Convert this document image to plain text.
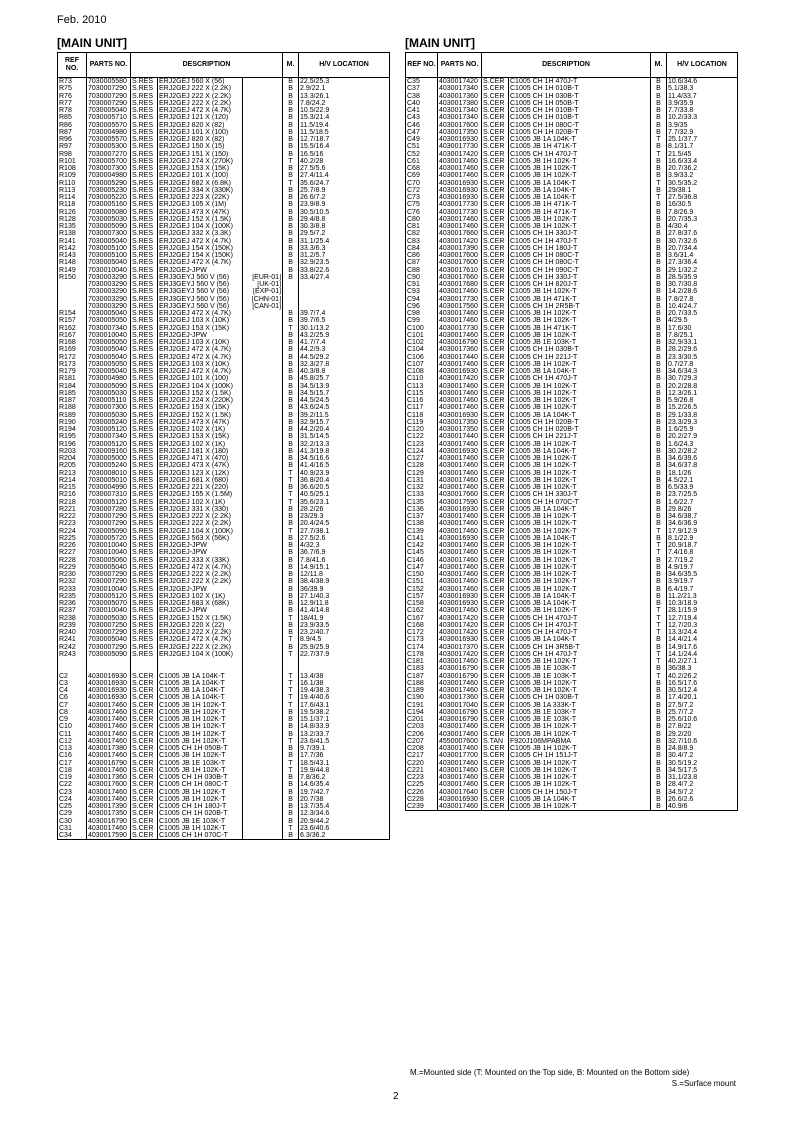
Feb. 2010
[MAIN UNIT]	[MAIN UNIT]
REF NO.	PARTS NO.	DESCRIPTION			M.	H/V LOCATION
R73	7030005580	S.RES	ERJ2GEJ 560 X (56)		B	22.5/25.3
R75	7030007290	S.RES	ERJ2GEJ 222 X (2.2K)		B	2.9/22.1
R76	7030007290	S.RES	ERJ2GEJ 222 X (2.2K)		B	13.3/26.1
R77	7030007290	S.RES	ERJ2GEJ 222 X (2.2K)		B	7.8/24.2
R78	7030005040	S.RES	ERJ2GEJ 472 X (4.7K)		B	10.5/22.9
R85	7030005710	S.RES	ERJ2GEJ 121 X (120)		B	15.3/21.4
R86	7030005570	S.RES	ERJ2GEJ 820 X (82)		B	11.5/19.4
R87	7030004980	S.RES	ERJ2GEJ 101 X (100)		B	11.5/18.5
R96	7030005570	S.RES	ERJ2GEJ 820 X (82)		B	12.7/18.7
R97	7030005300	S.RES	ERJ2GEJ 150 X (15)		B	15.5/16.4
R98	7030007270	S.RES	ERJ2GEJ 151 X (150)		B	16.5/16
R101	7030005700	S.RES	ERJ2GEJ 274 X (270K)		T	40.2/28
R108	7030007300	S.RES	ERJ2GEJ 153 X (15K)		B	27.5/5.6
R109	7030004980	S.RES	ERJ2GEJ 101 X (100)		B	27.4/11.4
R110	7030005290	S.RES	ERJ2GEJ 682 X (6.8K)		T	35.6/24.7
R113	7030005230	S.RES	ERJ2GEJ 334 X (330K)		B	25.7/8.9
R114	7030005220	S.RES	ERJ2GEJ 223 X (22K)		B	26.6/7.2
R118	7030005160	S.RES	ERJ2GEJ 105 X (1M)		B	23.9/8.9
R126	7030005080	S.RES	ERJ2GEJ 473 X (47K)		B	30.5/10.5
R128	7030005030	S.RES	ERJ2GEJ 152 X (1.5K)		B	29.4/8.8
R135	7030005090	S.RES	ERJ2GEJ 104 X (100K)		B	30.3/8.8
R138	7030007300	S.RES	ERJ2GEJ 332 X (3.3K)		B	29.5/7.2
R141	7030005040	S.RES	ERJ2GEJ 472 X (4.7K)		B	31.1/25.4
R142	7030005100	S.RES	ERJ2GEJ 154 X (150K)		B	33.3/6.3
R143	7030005100	S.RES	ERJ2GEJ 154 X (150K)		B	31.2/5.7
R148	7030005040	S.RES	ERJ2GEJ 472 X (4.7K)		B	32.9/23.5
R149	7030010040	S.RES	ERJ2GEJ-JPW		B	33.8/22.6
R150	7030003290	S.RES	ERJ3GEYJ 560 V (56)	[EUR-01]	B	33.4/27.4
	7030003290	S.RES	ERJ3GEYJ 560 V (56)	[UK-01]		
	7030003290	S.RES	ERJ3GEYJ 560 V (56)	[EXP-01]		
	7030003290	S.RES	ERJ3GEYJ 560 V (56)	[CHN-01]		
	7030003290	S.RES	ERJ3GEYJ 560 V (56)	[CAN-01]		
R154	7030005040	S.RES	ERJ2GEJ 472 X (4.7K)		B	39.7/7.4
R157	7030005050	S.RES	ERJ2GEJ 103 X (10K)		B	39.7/6.5
R162	7030007340	S.RES	ERJ2GEJ 153 X (15K)		T	30.1/13.2
R167	7030010040	S.RES	ERJ2GEJ-JPW		B	43.2/25.9
R168	7030005050	S.RES	ERJ2GEJ 103 X (10K)		B	41.7/7.4
R169	7030005040	S.RES	ERJ2GEJ 472 X (4.7K)		B	44.2/9.3
R172	7030005040	S.RES	ERJ2GEJ 472 X (4.7K)		B	44.5/29.2
R173	7030005050	S.RES	ERJ2GEJ 103 X (10K)		B	32.3/27.8
R179	7030005040	S.RES	ERJ2GEJ 472 X (4.7K)		B	40.3/8.8
R181	7030004980	S.RES	ERJ2GEJ 101 X (100)		B	45.8/25.7
R184	7030005090	S.RES	ERJ2GEJ 104 X (100K)		B	34.5/13.9
R185	7030005030	S.RES	ERJ2GEJ 152 X (1.5K)		B	34.5/15.7
R187	7030005110	S.RES	ERJ2GEJ 224 X (220K)		B	44.5/24.5
R188	7030007300	S.RES	ERJ2GEJ 153 X (15K)		B	43.6/24.5
R189	7030005030	S.RES	ERJ2GEJ 152 X (1.5K)		B	39.2/11.5
R190	7030005240	S.RES	ERJ2GEJ 473 X (47K)		B	32.9/15.7
R194	7030005120	S.RES	ERJ2GEJ 102 X (1K)		B	44.2/20.4
R195	7030007340	S.RES	ERJ2GEJ 153 X (15K)		B	31.5/14.5
R196	7030005120	S.RES	ERJ2GEJ 102 X (1K)		B	32.2/13.3
R203	7030009160	S.RES	ERJ2GEJ 181 X (180)		B	41.3/19.8
R204	7030005000	S.RES	ERJ2GEJ 471 X (470)		B	34.5/16.6
R205	7030005240	S.RES	ERJ2GEJ 473 X (47K)		B	41.4/16.5
R213	7030008010	S.RES	ERJ2GEJ 123 X (12K)		T	40.9/23.9
R214	7030005010	S.RES	ERJ2GEJ 681 X (680)		T	36.8/20.4
R215	7030004990	S.RES	ERJ2GEJ 221 X (220)		B	36.6/20.5
R216	7030007310	S.RES	ERJ2GEJ 155 X (1.5M)		T	40.5/25.1
R218	7030005120	S.RES	ERJ2GEJ 102 X (1K)		T	35.6/23.1
R221	7030007280	S.RES	ERJ2GEJ 331 X (330)		B	28.2/26
R222	7030007290	S.RES	ERJ2GEJ 222 X (2.2K)		B	23/29.3
R223	7030007290	S.RES	ERJ2GEJ 222 X (2.2K)		B	20.4/24.5
R224	7030005090	S.RES	ERJ2GEJ 104 X (100K)		T	27.7/38.1
R225	7030005720	S.RES	ERJ2GEJ 563 X (56K)		B	27.5/2.6
R226	7030010040	S.RES	ERJ2GEJ-JPW		B	4/32.3
R227	7030010040	S.RES	ERJ2GEJ-JPW		B	36.7/6.9
R228	7030005060	S.RES	ERJ2GEJ 333 X (33K)		B	7.8/41.6
R229	7030005040	S.RES	ERJ2GEJ 472 X (4.7K)		B	14.9/15.1
R230	7030007290	S.RES	ERJ2GEJ 222 X (2.2K)		B	12/11.8
R232	7030007290	S.RES	ERJ2GEJ 222 X (2.2K)		B	38.4/38.9
R233	7030010040	S.RES	ERJ2GEJ-JPW		B	36/39.9
R235	7030005120	S.RES	ERJ2GEJ 102 X (1K)		B	27.1/40.3
R236	7030005070	S.RES	ERJ2GEJ 683 X (68K)		B	12.9/11.8
R237	7030010040	S.RES	ERJ2GEJ-JPW		B	41.4/14.8
R238	7030005030	S.RES	ERJ2GEJ 152 X (1.5K)		T	18/41.9
R239	7030007250	S.RES	ERJ2GEJ 220 X (22)		B	23.9/33.5
R240	7030007290	S.RES	ERJ2GEJ 222 X (2.2K)		B	23.2/40.7
R241	7030005040	S.RES	ERJ2GEJ 472 X (4.7K)		T	8.9/4.5
R242	7030007290	S.RES	ERJ2GEJ 222 X (2.2K)		B	25.9/25.9
R243	7030005090	S.RES	ERJ2GEJ 104 X (100K)		T	22.7/37.9

C2	4030016930	S.CER	C1005 JB 1A 104K-T		T	13.4/38
C3	4030016930	S.CER	C1005 JB 1A 104K-T		T	16.1/38
C4	4030016930	S.CER	C1005 JB 1A 104K-T		T	19.4/38.3
C6	4030016930	S.CER	C1005 JB 1A 104K-T		T	19.4/40.6
C7	4030017460	S.CER	C1005 JB 1H 102K-T		T	17.6/43.1
C8	4030017460	S.CER	C1005 JB 1H 102K-T		B	19.5/38.2
C9	4030017460	S.CER	C1005 JB 1H 102K-T		B	15.1/37.1
C10	4030017460	S.CER	C1005 JB 1H 102K-T		B	14.8/33.9
C11	4030017460	S.CER	C1005 JB 1H 102K-T		B	13.2/33.7
C12	4030017460	S.CER	C1005 JB 1H 102K-T		T	23.6/41.5
C13	4030017380	S.CER	C1005 CH 1H 050B-T		B	9.7/39.1
C16	4030017460	S.CER	C1005 JB 1H 102K-T		B	17.7/36
C17	4030016790	S.CER	C1005 JB 1E 103K-T		T	18.5/43.1
C18	4030017460	S.CER	C1005 JB 1H 102K-T		T	19.9/44.8
C19	4030017360	S.CER	C1005 CH 1H 030B-T		B	7.8/36.2
C22	4030017600	S.CER	C1005 CH 1H 080C-T		B	14.6/35.4
C23	4030017460	S.CER	C1005 JB 1H 102K-T		B	19.7/42.7
C24	4030017460	S.CER	C1005 JB 1H 102K-T		B	20.7/38
C25	4030017390	S.CER	C1005 CH 1H 180J-T		B	13.7/35.4
C29	4030017350	S.CER	C1005 CH 1H 020B-T		B	12.3/34.6
C30	4030016790	S.CER	C1005 JB 1E 103K-T		B	20.9/44.2
C31	4030017460	S.CER	C1005 JB 1H 102K-T		T	23.6/40.6
C34	4030017590	S.CER	C1005 CH 1H 070C-T		B	6.3/36.2
REF NO.	PARTS NO.	DESCRIPTION		M.	H/V LOCATION
C35	4030017420	S.CER	C1005 CH 1H 470J-T	B	10.6/34.6
C37	4030017340	S.CER	C1005 CH 1H 010B-T	B	5.1/38.3
C38	4030017360	S.CER	C1005 CH 1H 030B-T	B	11.4/33.7
C40	4030017380	S.CER	C1005 CH 1H 050B-T	B	3.9/35.9
C41	4030017340	S.CER	C1005 CH 1H 010B-T	B	7.7/33.8
C43	4030017340	S.CER	C1005 CH 1H 010B-T	B	10.2/33.3
C46	4030017600	S.CER	C1005 CH 1H 080C-T	B	3.9/35
C47	4030017350	S.CER	C1005 CH 1H 020B-T	B	7.7/32.9
C49	4030016930	S.CER	C1005 JB 1A 104K-T	T	25.1/37.7
C51	4030017730	S.CER	C1005 JB 1H 471K-T	B	8.1/31.7
C52	4030017420	S.CER	C1005 CH 1H 470J-T	T	21.5/45
C61	4030017460	S.CER	C1005 JB 1H 102K-T	B	16.6/33.4
C68	4030017460	S.CER	C1005 JB 1H 102K-T	B	20.7/36.2
C69	4030017460	S.CER	C1005 JB 1H 102K-T	B	3.9/33.2
C70	4030016930	S.CER	C1005 JB 1A 104K-T	T	30.5/35.2
C72	4030016930	S.CER	C1005 JB 1A 104K-T	B	29/38.1
C73	4030016930	S.CER	C1005 JB 1A 104K-T	T	27.5/36.8
C75	4030017730	S.CER	C1005 JB 1H 471K-T	B	16/30.5
C76	4030017730	S.CER	C1005 JB 1H 471K-T	B	7.8/26.9
C80	4030017460	S.CER	C1005 JB 1H 102K-T	B	20.7/35.3
C81	4030017460	S.CER	C1005 JB 1H 102K-T	B	4/30.4
C82	4030017660	S.CER	C1005 CH 1H 330J-T	B	27.8/37.6
C83	4030017420	S.CER	C1005 CH 1H 470J-T	B	30.7/32.6
C84	4030017390	S.CER	C1005 CH 1H 180J-T	B	20.7/34.4
C86	4030017600	S.CER	C1005 CH 1H 080C-T	B	3.6/31.4
C87	4030017600	S.CER	C1005 CH 1H 080C-T	B	27.3/36.4
C88	4030017610	S.CER	C1005 CH 1H 090C-T	B	29.1/32.2
C90	4030017660	S.CER	C1005 CH 1H 330J-T	B	28.5/35.9
C91	4030017680	S.CER	C1005 CH 1H 820J-T	B	30.7/30.8
C93	4030017460	S.CER	C1005 JB 1H 102K-T	B	14.2/28.6
C94	4030017730	S.CER	C1005 JB 1H 471K-T	B	7.8/27.8
C96	4030017560	S.CER	C1005 CH 1H 2R5B-T	B	10.4/24.7
C98	4030017460	S.CER	C1005 JB 1H 102K-T	B	20.7/33.5
C99	4030017460	S.CER	C1005 JB 1H 102K-T	B	4/29.5
C100	4030017730	S.CER	C1005 JB 1H 471K-T	B	17.6/30
C101	4030017460	S.CER	C1005 JB 1H 102K-T	B	7.8/25.1
C102	4030016790	S.CER	C1005 JB 1E 103K-T	B	32.9/33.1
C104	4030017360	S.CER	C1005 CH 1H 030B-T	B	28.2/29.6
C106	4030017440	S.CER	C1005 CH 1H 221J-T	B	23.3/30.5
C107	4030017460	S.CER	C1005 JB 1H 102K-T	B	0.7/27.8
C108	4030016930	S.CER	C1005 JB 1A 104K-T	B	34.6/34.3
C110	4030017420	S.CER	C1005 CH 1H 470J-T	B	30.7/29.3
C113	4030017460	S.CER	C1005 JB 1H 102K-T	B	20.2/28.8
C115	4030017460	S.CER	C1005 JB 1H 102K-T	B	12.3/26.1
C116	4030017460	S.CER	C1005 JB 1H 102K-T	B	5.9/26.8
C117	4030017460	S.CER	C1005 JB 1H 102K-T	B	15.2/26.5
C118	4030016930	S.CER	C1005 JB 1A 104K-T	B	29.1/33.8
C119	4030017350	S.CER	C1005 CH 1H 020B-T	B	23.3/29.3
C120	4030017350	S.CER	C1005 CH 1H 020B-T	B	1.6/25.9
C122	4030017440	S.CER	C1005 CH 1H 221J-T	B	20.2/27.9
C123	4030017460	S.CER	C1005 JB 1H 102K-T	B	1.6/24.3
C124	4030016930	S.CER	C1005 JB 1A 104K-T	B	30.2/28.2
C127	4030017460	S.CER	C1005 JB 1H 102K-T	B	34.6/39.6
C128	4030017460	S.CER	C1005 JB 1H 102K-T	B	34.6/37.8
C129	4030017460	S.CER	C1005 JB 1H 102K-T	B	18.1/26
C131	4030017460	S.CER	C1005 JB 1H 102K-T	B	4.5/22.1
C132	4030017460	S.CER	C1005 JB 1H 102K-T	B	6.5/33.9
C133	4030017660	S.CER	C1005 CH 1H 330J-T	B	23.7/25.5
C135	4030017590	S.CER	C1005 CH 1H 070C-T	B	1.6/22.7
C136	4030016930	S.CER	C1005 JB 1A 104K-T	B	29.8/26
C137	4030017460	S.CER	C1005 JB 1H 102K-T	B	34.6/38.7
C138	4030017460	S.CER	C1005 JB 1H 102K-T	B	34.6/36.9
C139	4030017460	S.CER	C1005 JB 1H 102K-T	T	17.9/12.9
C141	4030016930	S.CER	C1005 JB 1A 104K-T	B	8.1/22.9
C142	4030017460	S.CER	C1005 JB 1H 102K-T	T	20.9/18.7
C145	4030017460	S.CER	C1005 JB 1H 102K-T	T	7.4/16.8
C146	4030017460	S.CER	C1005 JB 1H 102K-T	B	2.7/19.2
C147	4030017460	S.CER	C1005 JB 1H 102K-T	B	4.9/19.7
C150	4030017460	S.CER	C1005 JB 1H 102K-T	B	34.6/35.5
C151	4030017460	S.CER	C1005 JB 1H 102K-T	B	3.9/19.7
C152	4030017460	S.CER	C1005 JB 1H 102K-T	B	6.4/19.7
C157	4030016930	S.CER	C1005 JB 1A 104K-T	B	11.2/21.3
C158	4030016930	S.CER	C1005 JB 1A 104K-T	B	10.3/18.9
C162	4030017460	S.CER	C1005 JB 1H 102K-T	T	28.1/15.9
C167	4030017420	S.CER	C1005 CH 1H 470J-T	T	12.7/19.4
C168	4030017420	S.CER	C1005 CH 1H 470J-T	T	12.7/20.3
C172	4030017420	S.CER	C1005 CH 1H 470J-T	T	13.3/24.4
C173	4030016930	S.CER	C1005 JB 1A 104K-T	B	14.4/21.4
C174	4030017370	S.CER	C1005 CH 1H 3R5B-T	B	14.9/17.6
C178	4030017420	S.CER	C1005 CH 1H 470J-T	T	14.1/24.4
C181	4030017460	S.CER	C1005 JB 1H 102K-T	T	40.2/27.1
C183	4030016790	S.CER	C1005 JB 1E 103K-T	B	36/38.3
C187	4030016790	S.CER	C1005 JB 1E 103K-T	T	40.2/26.2
C188	4030017460	S.CER	C1005 JB 1H 102K-T	B	16.5/17.6
C189	4030017460	S.CER	C1005 JB 1H 102K-T	B	30.5/12.4
C190	4030017360	S.CER	C1005 CH 1H 030B-T	B	17.4/20.1
C191	4030017040	S.CER	C1005 JB 1A 333K-T	B	27.5/7.2
C194	4030016790	S.CER	C1005 JB 1E 103K-T	B	25.7/7.2
C201	4030016790	S.CER	C1005 JB 1E 103K-T	B	25.6/10.6
C203	4030017460	S.CER	C1005 JB 1H 102K-T	B	27.8/22
C206	4030017460	S.CER	C1005 JB 1H 102K-T	B	29.2/20
C207	4550007600	S.TAN	F920J106MPABMA	B	32.7/10.6
C208	4030017460	S.CER	C1005 JB 1H 102K-T	B	24.8/8.9
C217	4030017700	S.CER	C1005 CH 1H 151J-T	B	30.4/7.2
C220	4030017460	S.CER	C1005 JB 1H 102K-T	B	30.5/19.2
C221	4030017460	S.CER	C1005 JB 1H 102K-T	B	34.5/17.5
C223	4030017460	S.CER	C1005 JB 1H 102K-T	B	31.1/23.8
C225	4030017460	S.CER	C1005 JB 1H 102K-T	B	28.4/7.2
C226	4030017640	S.CER	C1005 CH 1H 150J-T	B	34.5/7.2
C228	4030016930	S.CER	C1005 JB 1A 104K-T	B	26.6/2.6
C239	4030017460	S.CER	C1005 JB 1H 102K-T	B	40.9/6
M.=Mounted side (T: Mounted on the Top side, B: Mounted on the Bottom side)
S.=Surface mount
2
